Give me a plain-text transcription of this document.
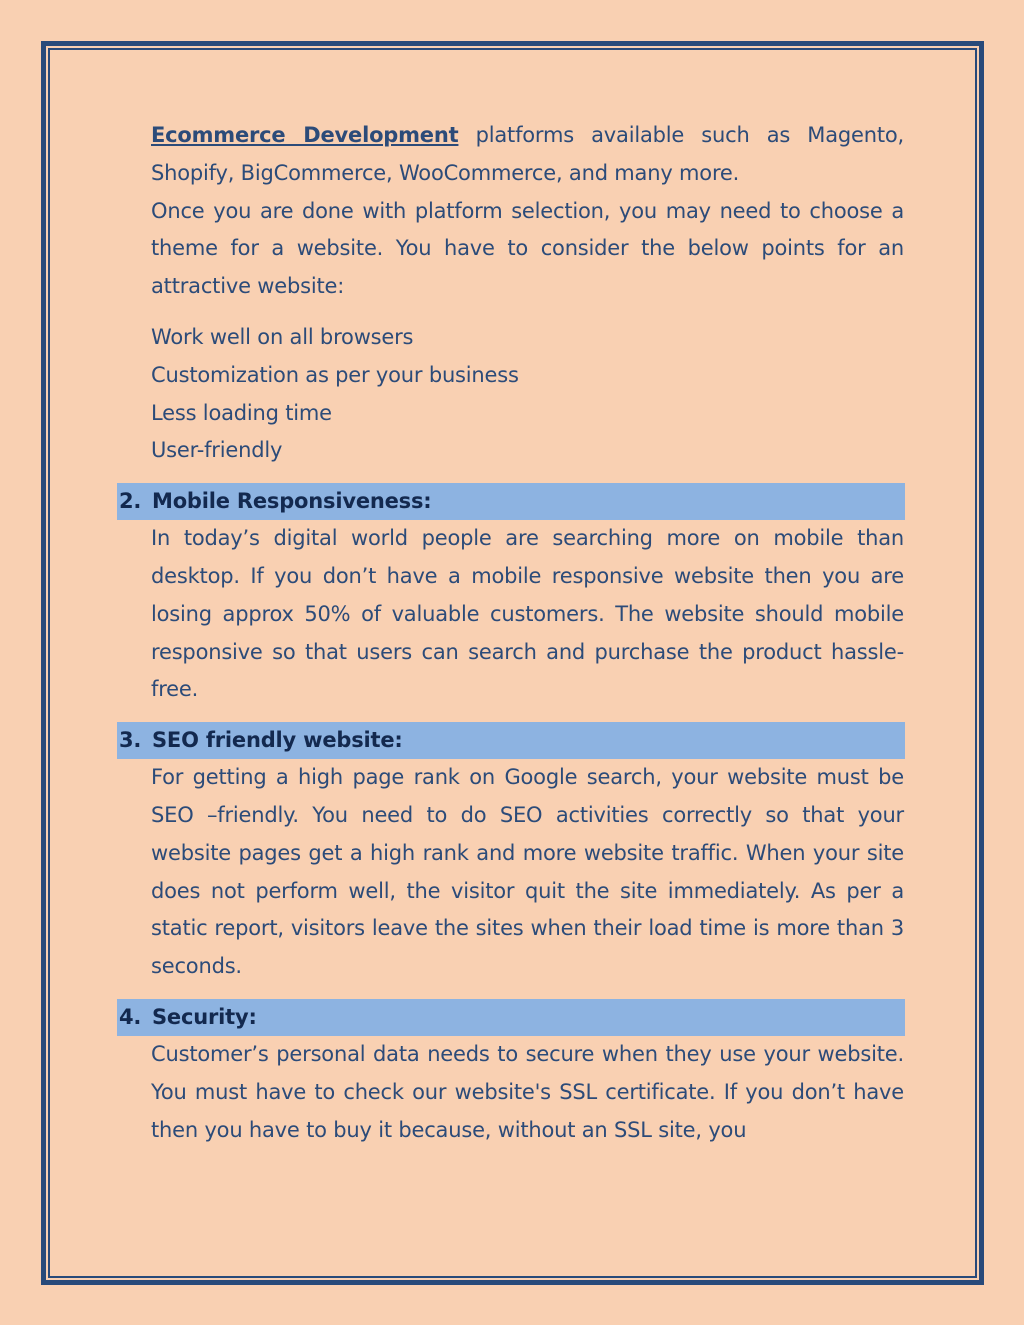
Ecommerce Development platforms available such as Magento, Shopify, BigCommerce, WooCommerce, and many more.

Once you are done with platform selection, you may need to choose a theme for a website. You have to consider the below points for an attractive website:

Work well on all browsers
Customization as per your business
Less loading time
User-friendly
2. Mobile Responsiveness:

In today’s digital world people are searching more on mobile than desktop. If you don’t have a mobile responsive website then you are losing approx 50% of valuable customers. The website should mobile responsive so that users can search and purchase the product hassle-free.

3. SEO friendly website:

For getting a high page rank on Google search, your website must be SEO –friendly. You need to do SEO activities correctly so that your website pages get a high rank and more website traffic. When your site does not perform well, the visitor quit the site immediately. As per a static report, visitors leave the sites when their load time is more than 3 seconds.

4. Security:

Customer’s personal data needs to secure when they use your website. You must have to check our website's SSL certificate. If you don’t have then you have to buy it because, without an SSL site, you
